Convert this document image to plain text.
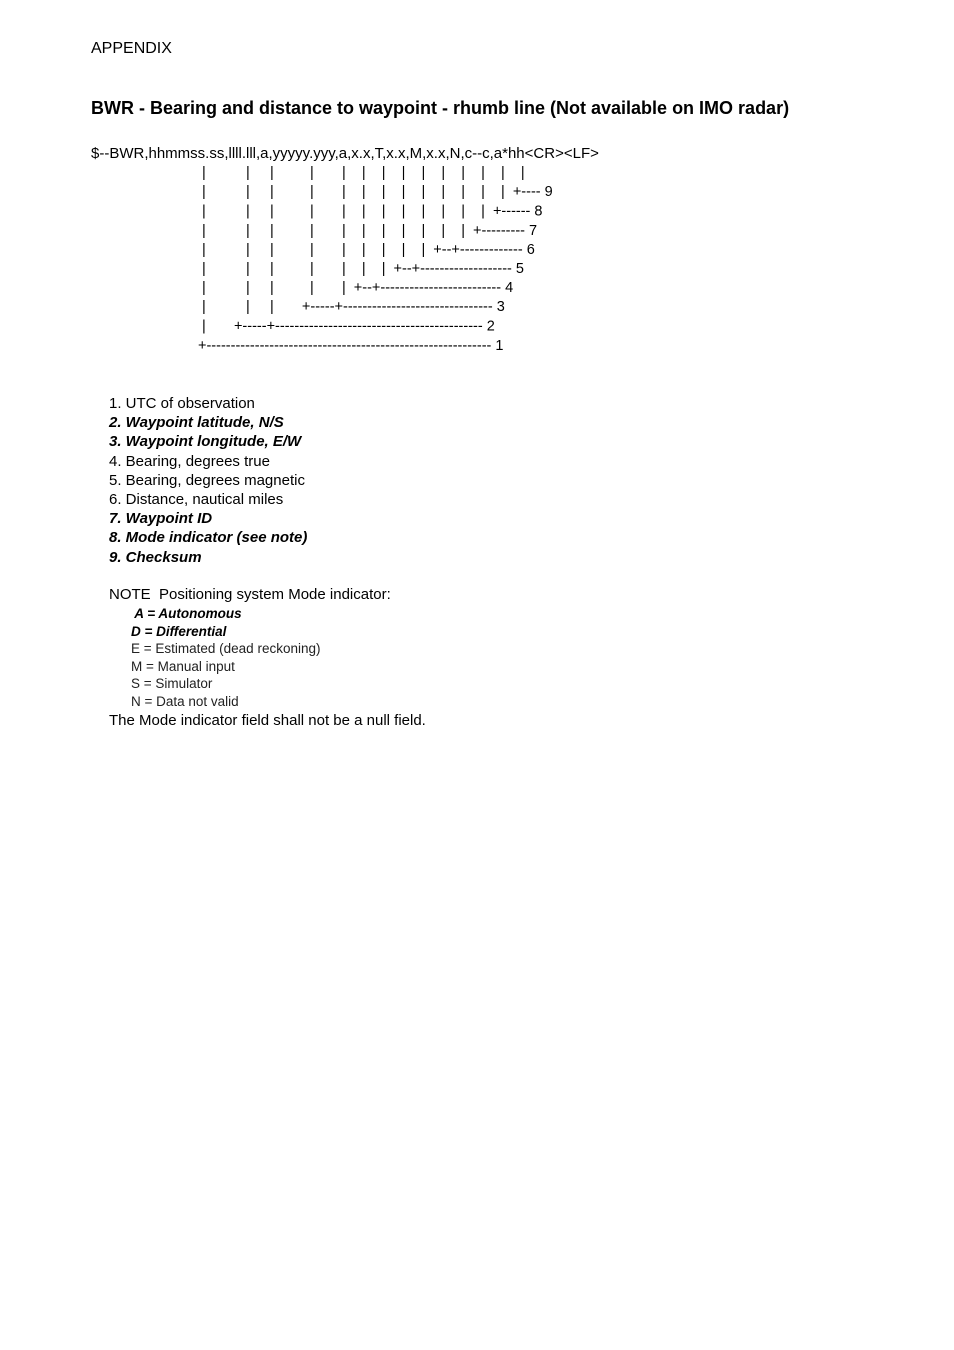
APPENDIX
BWR - Bearing and distance to waypoint - rhumb line (Not available on IMO radar)
$--BWR,hhmmss.ss,llll.lll,a,yyyyy.yyy,a,x.x,T,x.x,M,x.x,N,c--c,a*hh<CR><LF>
|          |     |         |       |    |    |    |    |    |    |    |    |    |
|          |     |         |       |    |    |    |    |    |    |    |    |  +---- 9
|          |     |         |       |    |    |    |    |    |    |    |  +------ 8
|          |     |         |       |    |    |    |    |    |    |  +--------- 7
|          |     |         |       |    |    |    |    |  +--+------------- 6
|          |     |         |       |    |    |  +--+------------------- 5
|          |     |         |       |  +--+------------------------- 4
|          |     |       +-----+------------------------------- 3
|       +-----+------------------------------------------- 2
+----------------------------------------------------------- 1
1. UTC of observation
2. Waypoint latitude, N/S
3. Waypoint longitude, E/W
4. Bearing, degrees true
5. Bearing, degrees magnetic
6. Distance, nautical miles
7. Waypoint ID
8. Mode indicator (see note)
9. Checksum
NOTE  Positioning system Mode indicator:
A = Autonomous
D = Differential
E = Estimated (dead reckoning)
M = Manual input
S = Simulator
N = Data not valid
The Mode indicator field shall not be a null field.
